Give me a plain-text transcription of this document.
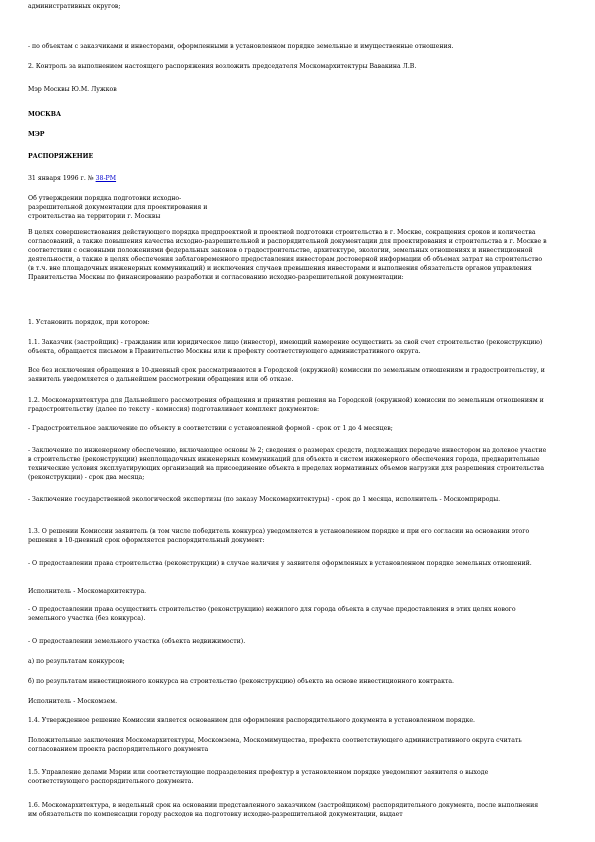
административных округов;

- по объектам с заказчиками и инвесторами, оформленными в установленном порядке земельные и имущественные отношения.

2. Контроль за выполнением настоящего распоряжения возложить председателя Москомархитектуры Вавакина Л.В.

Мэр Москвы Ю.М. Лужков

МОСКВА

МЭР

РАСПОРЯЖЕНИЕ

31 января 1996 г. № 38-РМ

Об утверждении порядка подготовки исходно-
разрешительной документации для проектирования и
строительства на территории г. Москвы

В целях совершенствования действующего порядка предпроектной и проектной подготовки строительства в г. Москве, сокращения сроков и количества согласований, а также повышения качества исходно-разрешительной и распорядительной документации для проектирования и строительства в г. Москве в соответствии с основными положениями федеральных законов о градостроительстве, архитектуре, экологии, земельных отношениях и инвестиционной деятельности, а также в целях обеспечения заблаговременного предоставления инвесторам достоверной информации об объемах затрат на строительство (в т.ч. вне площадочных инженерных коммуникаций) и исключения случаев превышения инвесторами и выполнения обязательств органов управления Правительства Москвы по финансированию разработки и согласованию исходно-разрешительной документации:

1. Установить порядок, при котором:

1.1. Заказчик (застройщик) - гражданин или юридическое лицо (инвестор), имеющий намерение осуществить за свой счет строительство (реконструкцию) объекта, обращается письмом в Правительство Москвы или к префекту соответствующего административного округа.

Все без исключения обращения в 10-дневный срок рассматриваются в Городской (окружной) комиссии по земельным отношениям и градостроительству, и заявитель уведомляется о дальнейшем рассмотрении обращения или об отказе.

1.2. Москомархитектура для Дальнейшего рассмотрения обращения и принятия решения на Городской (окружной) комиссии по земельным отношениям и градостроительству (далее по тексту - комиссия) подготавливает комплект документов:

- Градостроительное заключение по объекту в соответствии с установленной формой - срок от 1 до 4 месяцев;

- Заключение по инженерному обеспечению, включающее основы № 2; сведения о размерах средств, подлежащих передаче инвестором на долевое участие в строительстве (реконструкции) внеплощадочных инженерных коммуникаций для объекта и систем инженерного обеспечения города, предварительные технические условия эксплуатирующих организаций на присоединение объекта в пределах нормативных объемов нагрузки для разрешения строительства (реконструкции) - срок два месяца;

- Заключение государственной экологической экспертизы (по заказу Москомархитектуры) - срок до 1 месяца, исполнитель - Москомприроды.

1.3. О решении Комиссии заявитель (в том числе победитель конкурса) уведомляется в установленном порядке и при его согласии на основании этого решения в 10-дневный срок оформляется распорядительный документ:

- О предоставлении права строительства (реконструкции) в случае наличия у заявителя оформленных в установленном порядке земельных отношений.

Исполнитель - Москомархитектура.

- О предоставлении права осуществить строительство (реконструкцию) нежилого для города объекта в случае предоставления в этих целях нового земельного участка (без конкурса).

- О предоставлении земельного участка (объекта недвижимости).

а) по результатам конкурсов;

б) по результатам инвестиционного конкурса на строительство (реконструкцию) объекта на основе инвестиционного контракта.

Исполнитель - Москомзем.

1.4. Утвержденное решение Комиссии является основанием для оформления распорядительного документа в установленном порядке.

Положительные заключения Москомархитектуры, Москомзема, Москомимущества, префекта соответствующего административного округа считать согласованием проекта распорядительного документа

1.5. Управление делами Мэрии или соответствующие подразделения префектур в установленном порядке уведомляют заявителя о выходе соответствующего распорядительного документа.

1.6. Москомархитектура, в недельный срок на основании представленного заказчиком (застройщиком) распорядительного документа, после выполнения им обязательств по компенсации городу расходов на подготовку исходно-разрешительной документации, выдает
